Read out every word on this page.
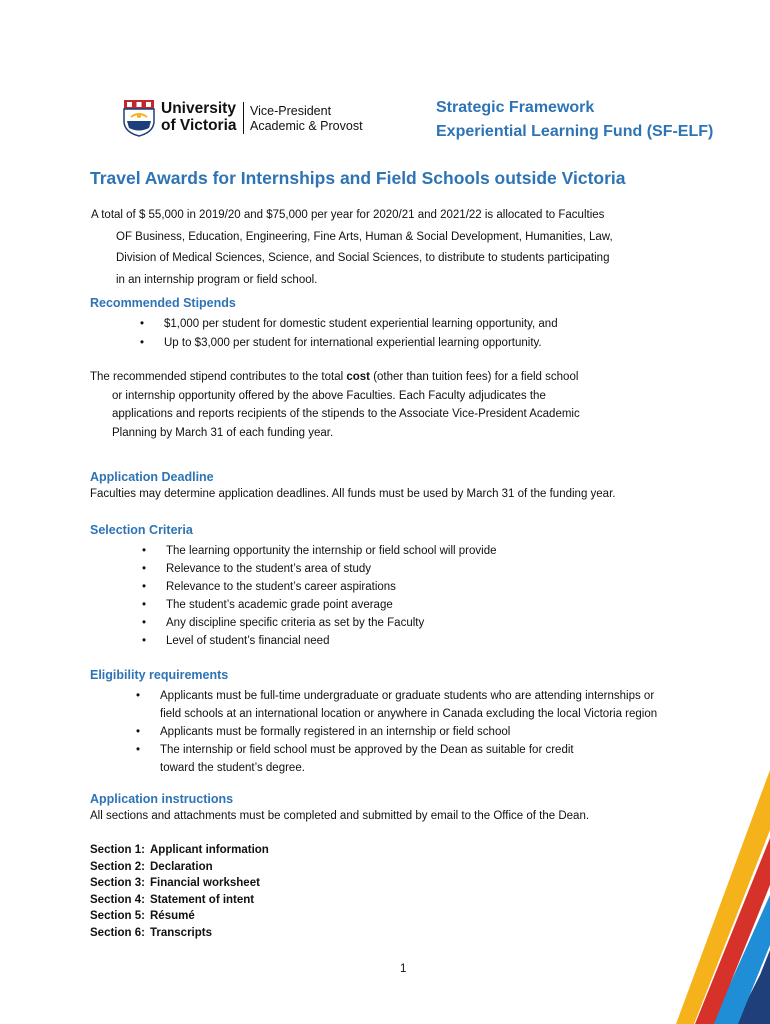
University
of Victoria
Vice-President
Academic & Provost
Strategic Framework
Experiential Learning Fund (SF-ELF)
Travel Awards for Internships and Field Schools outside Victoria

A total of $ 55,000 in 2019/20 and $75,000 per year for 2020/21 and 2021/22 is allocated to Faculties
OF Business, Education, Engineering, Fine Arts, Human & Social Development, Humanities, Law,
Division of Medical Sciences, Science, and Social Sciences, to distribute to students participating
in an internship program or field school.

Recommended Stipends
• $1,000 per student for domestic student experiential learning opportunity, and
• Up to $3,000 per student for international experiential learning opportunity.

The recommended stipend contributes to the total cost (other than tuition fees) for a field school
or internship opportunity offered by the above Faculties. Each Faculty adjudicates the
applications and reports recipients of the stipends to the Associate Vice-President Academic
Planning by March 31 of each funding year.

Application Deadline

Faculties may determine application deadlines. All funds must be used by March 31 of the funding year.

Selection Criteria
• The learning opportunity the internship or field school will provide
• Relevance to the student’s area of study
• Relevance to the student’s career aspirations
• The student’s academic grade point average
• Any discipline specific criteria as set by the Faculty
• Level of student’s financial need
Eligibility requirements
• Applicants must be full-time undergraduate or graduate students who are attending internships or
field schools at an international location or anywhere in Canada excluding the local Victoria region
• Applicants must be formally registered in an internship or field school
• The internship or field school must be approved by the Dean as suitable for credit
toward the student’s degree.
Application instructions

All sections and attachments must be completed and submitted by email to the Office of the Dean.

Section 1: Applicant information
Section 2: Declaration
Section 3: Financial worksheet
Section 4: Statement of intent
Section 5: Résumé
Section 6: Transcripts
1
